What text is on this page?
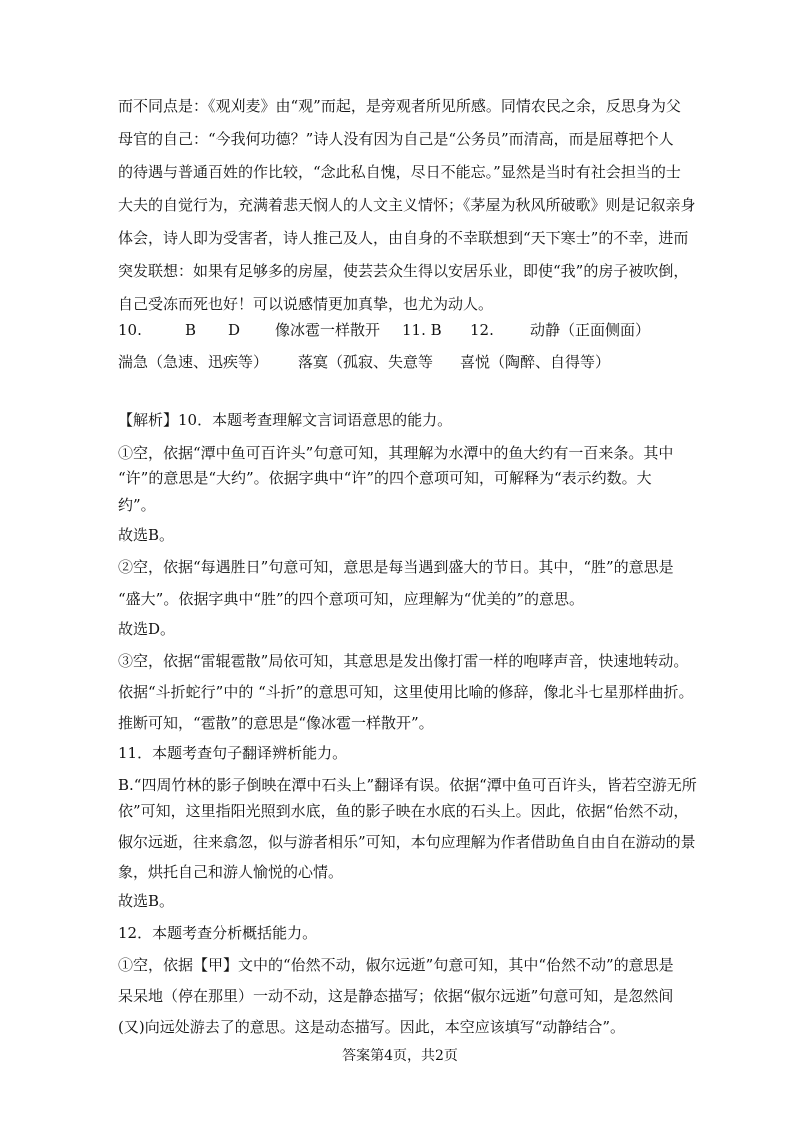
而不同点是：《观刈麦》由“观”而起，是旁观者所见所感。同情农民之余，反思身为父
母官的自己：“今我何功德？”诗人没有因为自己是“公务员”而清高，而是屈尊把个人
的待遇与普通百姓的作比较，“念此私自愧，尽日不能忘。”显然是当时有社会担当的士
大夫的自觉行为，充满着悲天悯人的人文主义情怀；《茅屋为秋风所破歌》则是记叙亲身
体会，诗人即为受害者，诗人推己及人，由自身的不幸联想到“天下寒士”的不幸，进而
突发联想：如果有足够多的房屋，使芸芸众生得以安居乐业，即使“我”的房子被吹倒，
自己受冻而死也好！可以说感情更加真挚，也尤为动人。
10.	B D 像冰雹一样散开 11. B 12. 动静（正面侧面）
湍急（急速、迅疾等） 落寞（孤寂、失意等 喜悦（陶醉、自得等）
【解析】10．本题考查理解文言词语意思的能力。
①空，依据“潭中鱼可百许头”句意可知，其理解为水潭中的鱼大约有一百来条。其中
“许”的意思是“大约”。依据字典中“许”的四个意项可知，可解释为“表示约数。大
约”。
故选B。
②空，依据“每遇胜日”句意可知，意思是每当遇到盛大的节日。其中，“胜”的意思是
“盛大”。依据字典中“胜”的四个意项可知，应理解为“优美的”的意思。
故选D。
③空，依据“雷辊雹散”局依可知，其意思是发出像打雷一样的咆哮声音，快速地转动。
依据“斗折蛇行”中的 “斗折”的意思可知，这里使用比喻的修辞，像北斗七星那样曲折。
推断可知，“雹散”的意思是“像冰雹一样散开”。
11．本题考查句子翻译辨析能力。
B.“四周竹林的影子倒映在潭中石头上”翻译有误。依据“潭中鱼可百许头，皆若空游无所
依”可知，这里指阳光照到水底，鱼的影子映在水底的石头上。因此，依据“佁然不动，
俶尔远逝，往来翕忽，似与游者相乐”可知，本句应理解为作者借助鱼自由自在游动的景
象，烘托自己和游人愉悦的心情。
故选B。
12．本题考查分析概括能力。
①空，依据【甲】文中的“佁然不动，俶尔远逝”句意可知，其中“佁然不动”的意思是
呆呆地（停在那里）一动不动，这是静态描写；依据“俶尔远逝”句意可知，是忽然间
(又)向远处游去了的意思。这是动态描写。因此，本空应该填写“动静结合”。
答案第4页，共2页
